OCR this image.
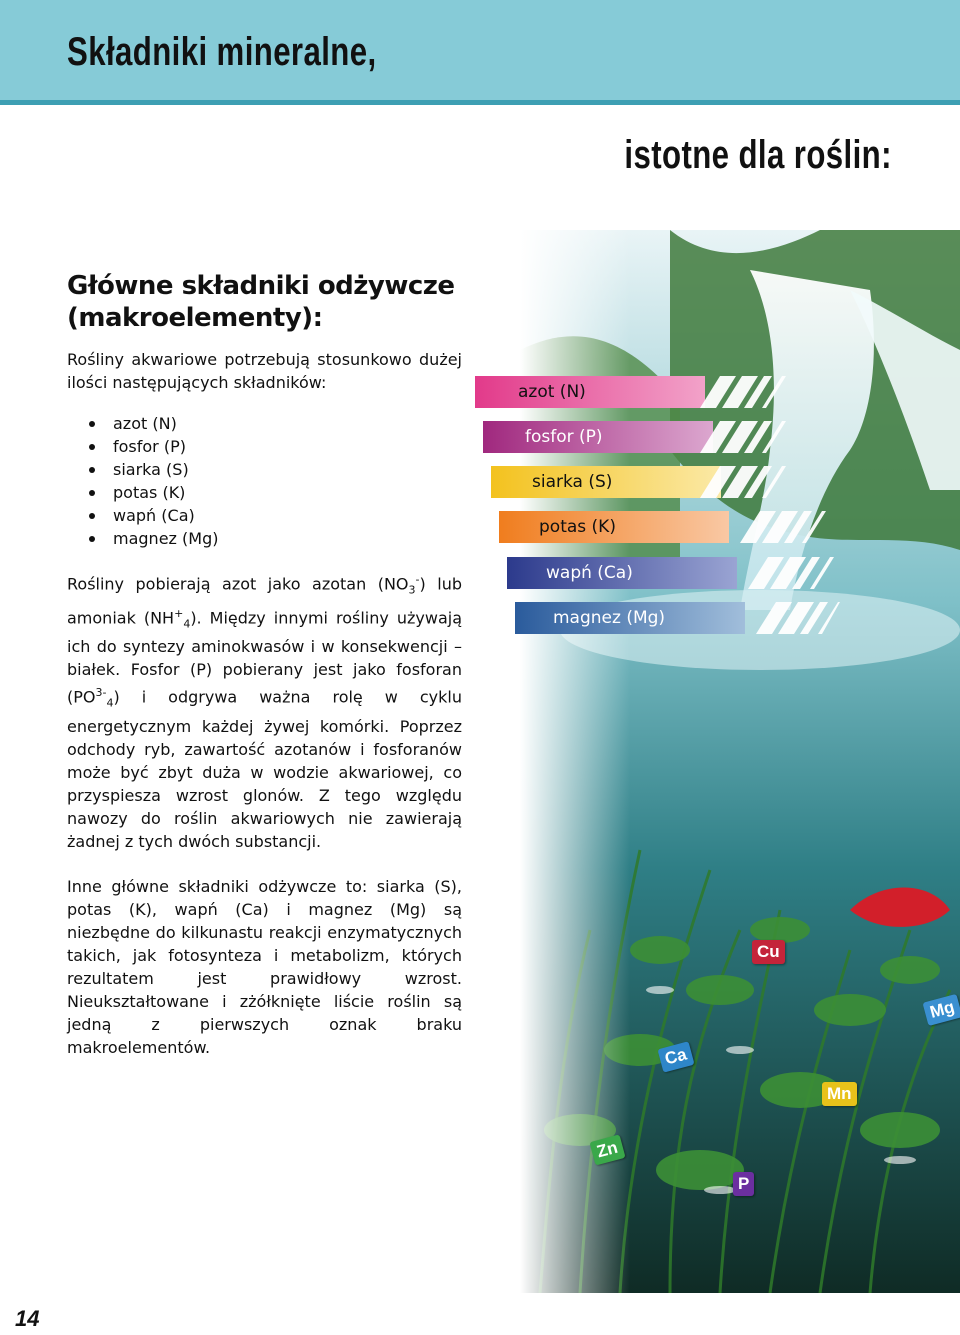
Składniki mineralne,
istotne dla roślin:
Główne składniki odżywcze (makroelementy):

Rośliny akwariowe potrzebują stosunkowo dużej ilości następujących składników:

azot (N)
fosfor (P)
siarka (S)
potas (K)
wapń (Ca)
magnez (Mg)

Rośliny pobierają azot jako azotan $(NO_3^-)$ lub amoniak $(NH^+_4)$. Między innymi rośliny używają ich do syntezy aminokwasów i w konsekwencji – białek. Fosfor (P) pobierany jest jako fosforan $(PO^{3-}_4)$ i odgrywa ważna rolę w cyklu energetycznym każdej żywej komórki. Poprzez odchody ryb, zawartość azotanów i fosforanów może być zbyt duża w wodzie akwariowej, co przyspiesza wzrost glonów. Z tego względu nawozy do roślin akwariowych nie zawierają żadnej z tych dwóch substancji.

Inne główne składniki odżywcze to: siarka (S), potas (K), wapń (Ca) i magnez (Mg) są niezbędne do kilkunastu reakcji enzymatycznych takich, jak fotosynteza i metabolizm, których rezultatem jest prawidłowy wzrost. Nieukształtowane i zżółknięte liście roślin są jedną z pierwszych oznak braku makroelementów.

azot (N)
fosfor (P)
siarka (S)
potas (K)
wapń (Ca)
magnez (Mg)
Cu
Mg
Ca
Mn
Zn
P
14
